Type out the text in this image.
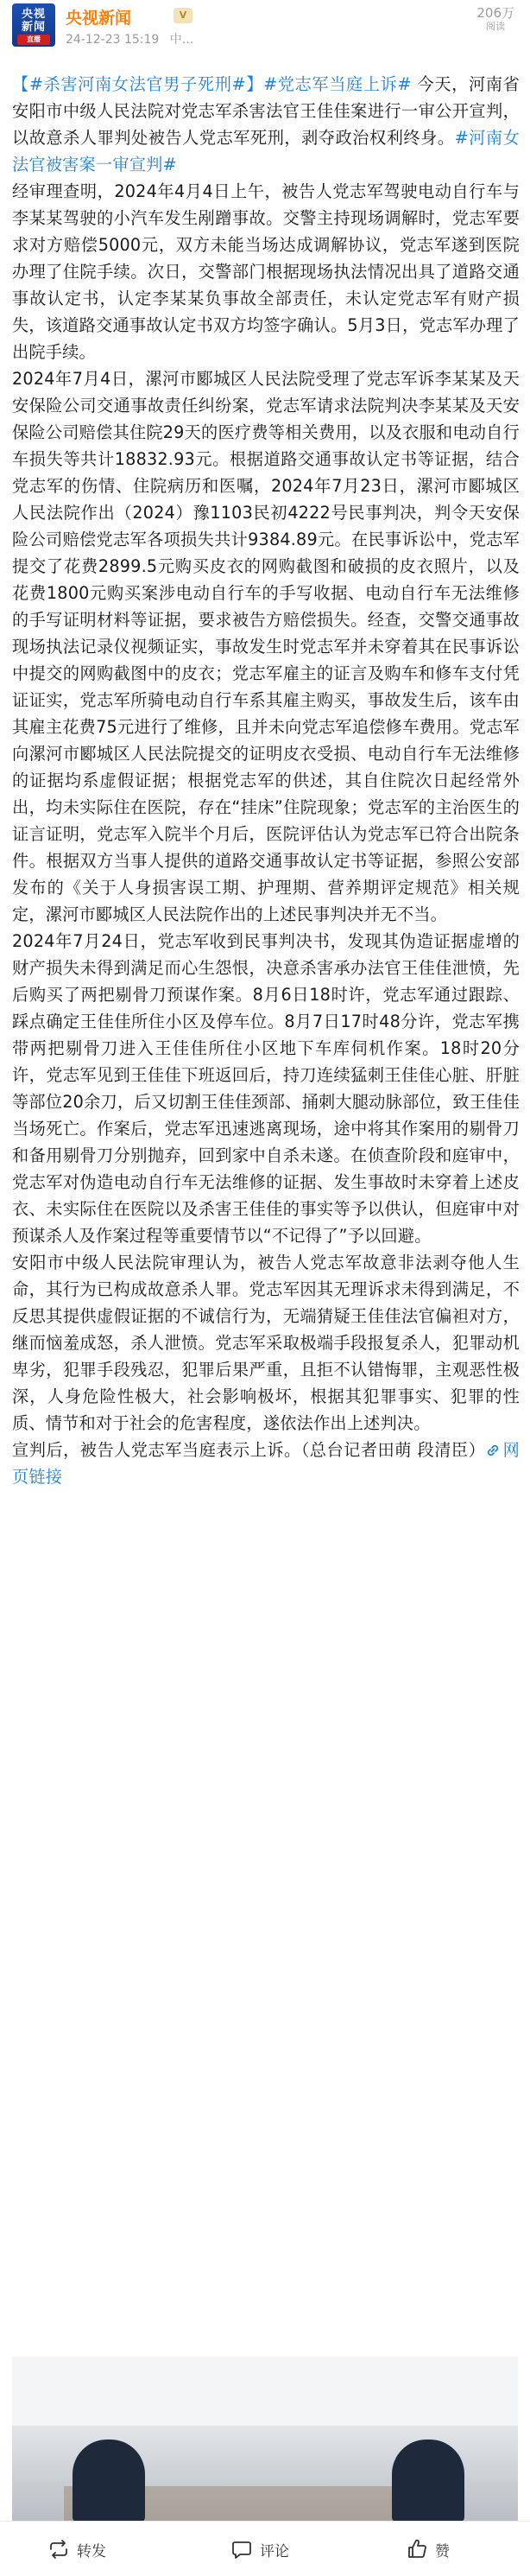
央视
新闻
直播
央视新闻	V
24-12-23 15:19 中...
206万
阅读

【#杀害河南女法官男子死刑#】#党志军当庭上诉# 今天，河南省安阳市中级人民法院对党志军杀害法官王佳佳案进行一审公开宣判，以故意杀人罪判处被告人党志军死刑，剥夺政治权利终身。#河南女法官被害案一审宣判#

经审理查明，2024年4月4日上午，被告人党志军驾驶电动自行车与李某某驾驶的小汽车发生剐蹭事故。交警主持现场调解时，党志军要求对方赔偿5000元，双方未能当场达成调解协议，党志军遂到医院办理了住院手续。次日，交警部门根据现场执法情况出具了道路交通事故认定书，认定李某某负事故全部责任，未认定党志军有财产损失，该道路交通事故认定书双方均签字确认。5月3日，党志军办理了出院手续。

2024年7月4日，漯河市郾城区人民法院受理了党志军诉李某某及天安保险公司交通事故责任纠纷案，党志军请求法院判决李某某及天安保险公司赔偿其住院29天的医疗费等相关费用，以及衣服和电动自行车损失等共计18832.93元。根据道路交通事故认定书等证据，结合党志军的伤情、住院病历和医嘱，2024年7月23日，漯河市郾城区人民法院作出（2024）豫1103民初4222号民事判决，判令天安保险公司赔偿党志军各项损失共计9384.89元。在民事诉讼中，党志军提交了花费2899.5元购买皮衣的网购截图和破损的皮衣照片，以及花费1800元购买案涉电动自行车的手写收据、电动自行车无法维修的手写证明材料等证据，要求被告方赔偿损失。经查，交警交通事故现场执法记录仪视频证实，事故发生时党志军并未穿着其在民事诉讼中提交的网购截图中的皮衣；党志军雇主的证言及购车和修车支付凭证证实，党志军所骑电动自行车系其雇主购买，事故发生后，该车由其雇主花费75元进行了维修，且并未向党志军追偿修车费用。党志军向漯河市郾城区人民法院提交的证明皮衣受损、电动自行车无法维修的证据均系虚假证据；根据党志军的供述，其自住院次日起经常外出，均未实际住在医院，存在“挂床”住院现象；党志军的主治医生的证言证明，党志军入院半个月后，医院评估认为党志军已符合出院条件。根据双方当事人提供的道路交通事故认定书等证据，参照公安部发布的《关于人身损害误工期、护理期、营养期评定规范》相关规定，漯河市郾城区人民法院作出的上述民事判决并无不当。

2024年7月24日，党志军收到民事判决书，发现其伪造证据虚增的财产损失未得到满足而心生怨恨，决意杀害承办法官王佳佳泄愤，先后购买了两把剔骨刀预谋作案。8月6日18时许，党志军通过跟踪、踩点确定王佳佳所住小区及停车位。8月7日17时48分许，党志军携带两把剔骨刀进入王佳佳所住小区地下车库伺机作案。18时20分许，党志军见到王佳佳下班返回后，持刀连续猛刺王佳佳心脏、肝脏等部位20余刀，后又切割王佳佳颈部、捅刺大腿动脉部位，致王佳佳当场死亡。作案后，党志军迅速逃离现场，途中将其作案用的剔骨刀和备用剔骨刀分别抛弃，回到家中自杀未遂。在侦查阶段和庭审中，党志军对伪造电动自行车无法维修的证据、发生事故时未穿着上述皮衣、未实际住在医院以及杀害王佳佳的事实等予以供认，但庭审中对预谋杀人及作案过程等重要情节以“不记得了”予以回避。

安阳市中级人民法院审理认为，被告人党志军故意非法剥夺他人生命，其行为已构成故意杀人罪。党志军因其无理诉求未得到满足，不反思其提供虚假证据的不诚信行为，无端猜疑王佳佳法官偏袒对方，继而恼羞成怒，杀人泄愤。党志军采取极端手段报复杀人，犯罪动机卑劣，犯罪手段残忍，犯罪后果严重，且拒不认错悔罪，主观恶性极深，人身危险性极大，社会影响极坏，根据其犯罪事实、犯罪的性质、情节和对于社会的危害程度，遂依法作出上述判决。

宣判后，被告人党志军当庭表示上诉。（总台记者田萌 段清臣） 网页链接

转发	评论	赞
